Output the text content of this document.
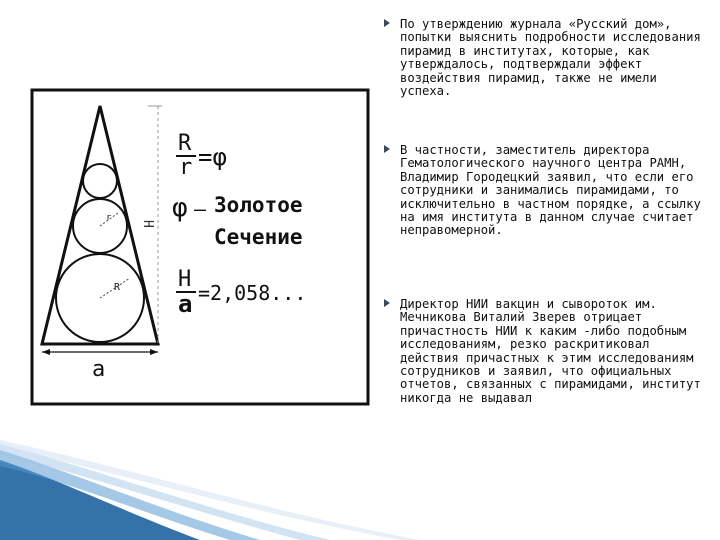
r
R
H
a
R
r =φ
φ – Золотое
Сечение
H
a =2,058...
По утверждению журнала «Русский дом», попытки выяснить подробности исследования пирамид в институтах, которые, как утверждалось, подтверждали эффект воздействия пирамид, также не имели успеха.
В частности, заместитель директора Гематологического научного центра РАМН, Владимир Городецкий заявил, что если его сотрудники и занимались пирамидами, то исключительно в частном порядке, а ссылку на имя института в данном случае считает неправомерной.
Директор НИИ вакцин и сывороток им. Мечникова Виталий Зверев отрицает причастность НИИ к каким -либо подобным исследованиям, резко раскритиковал действия причастных к этим исследованиям сотрудников и заявил, что официальных отчетов, связанных с пирамидами, институт никогда не выдавал
